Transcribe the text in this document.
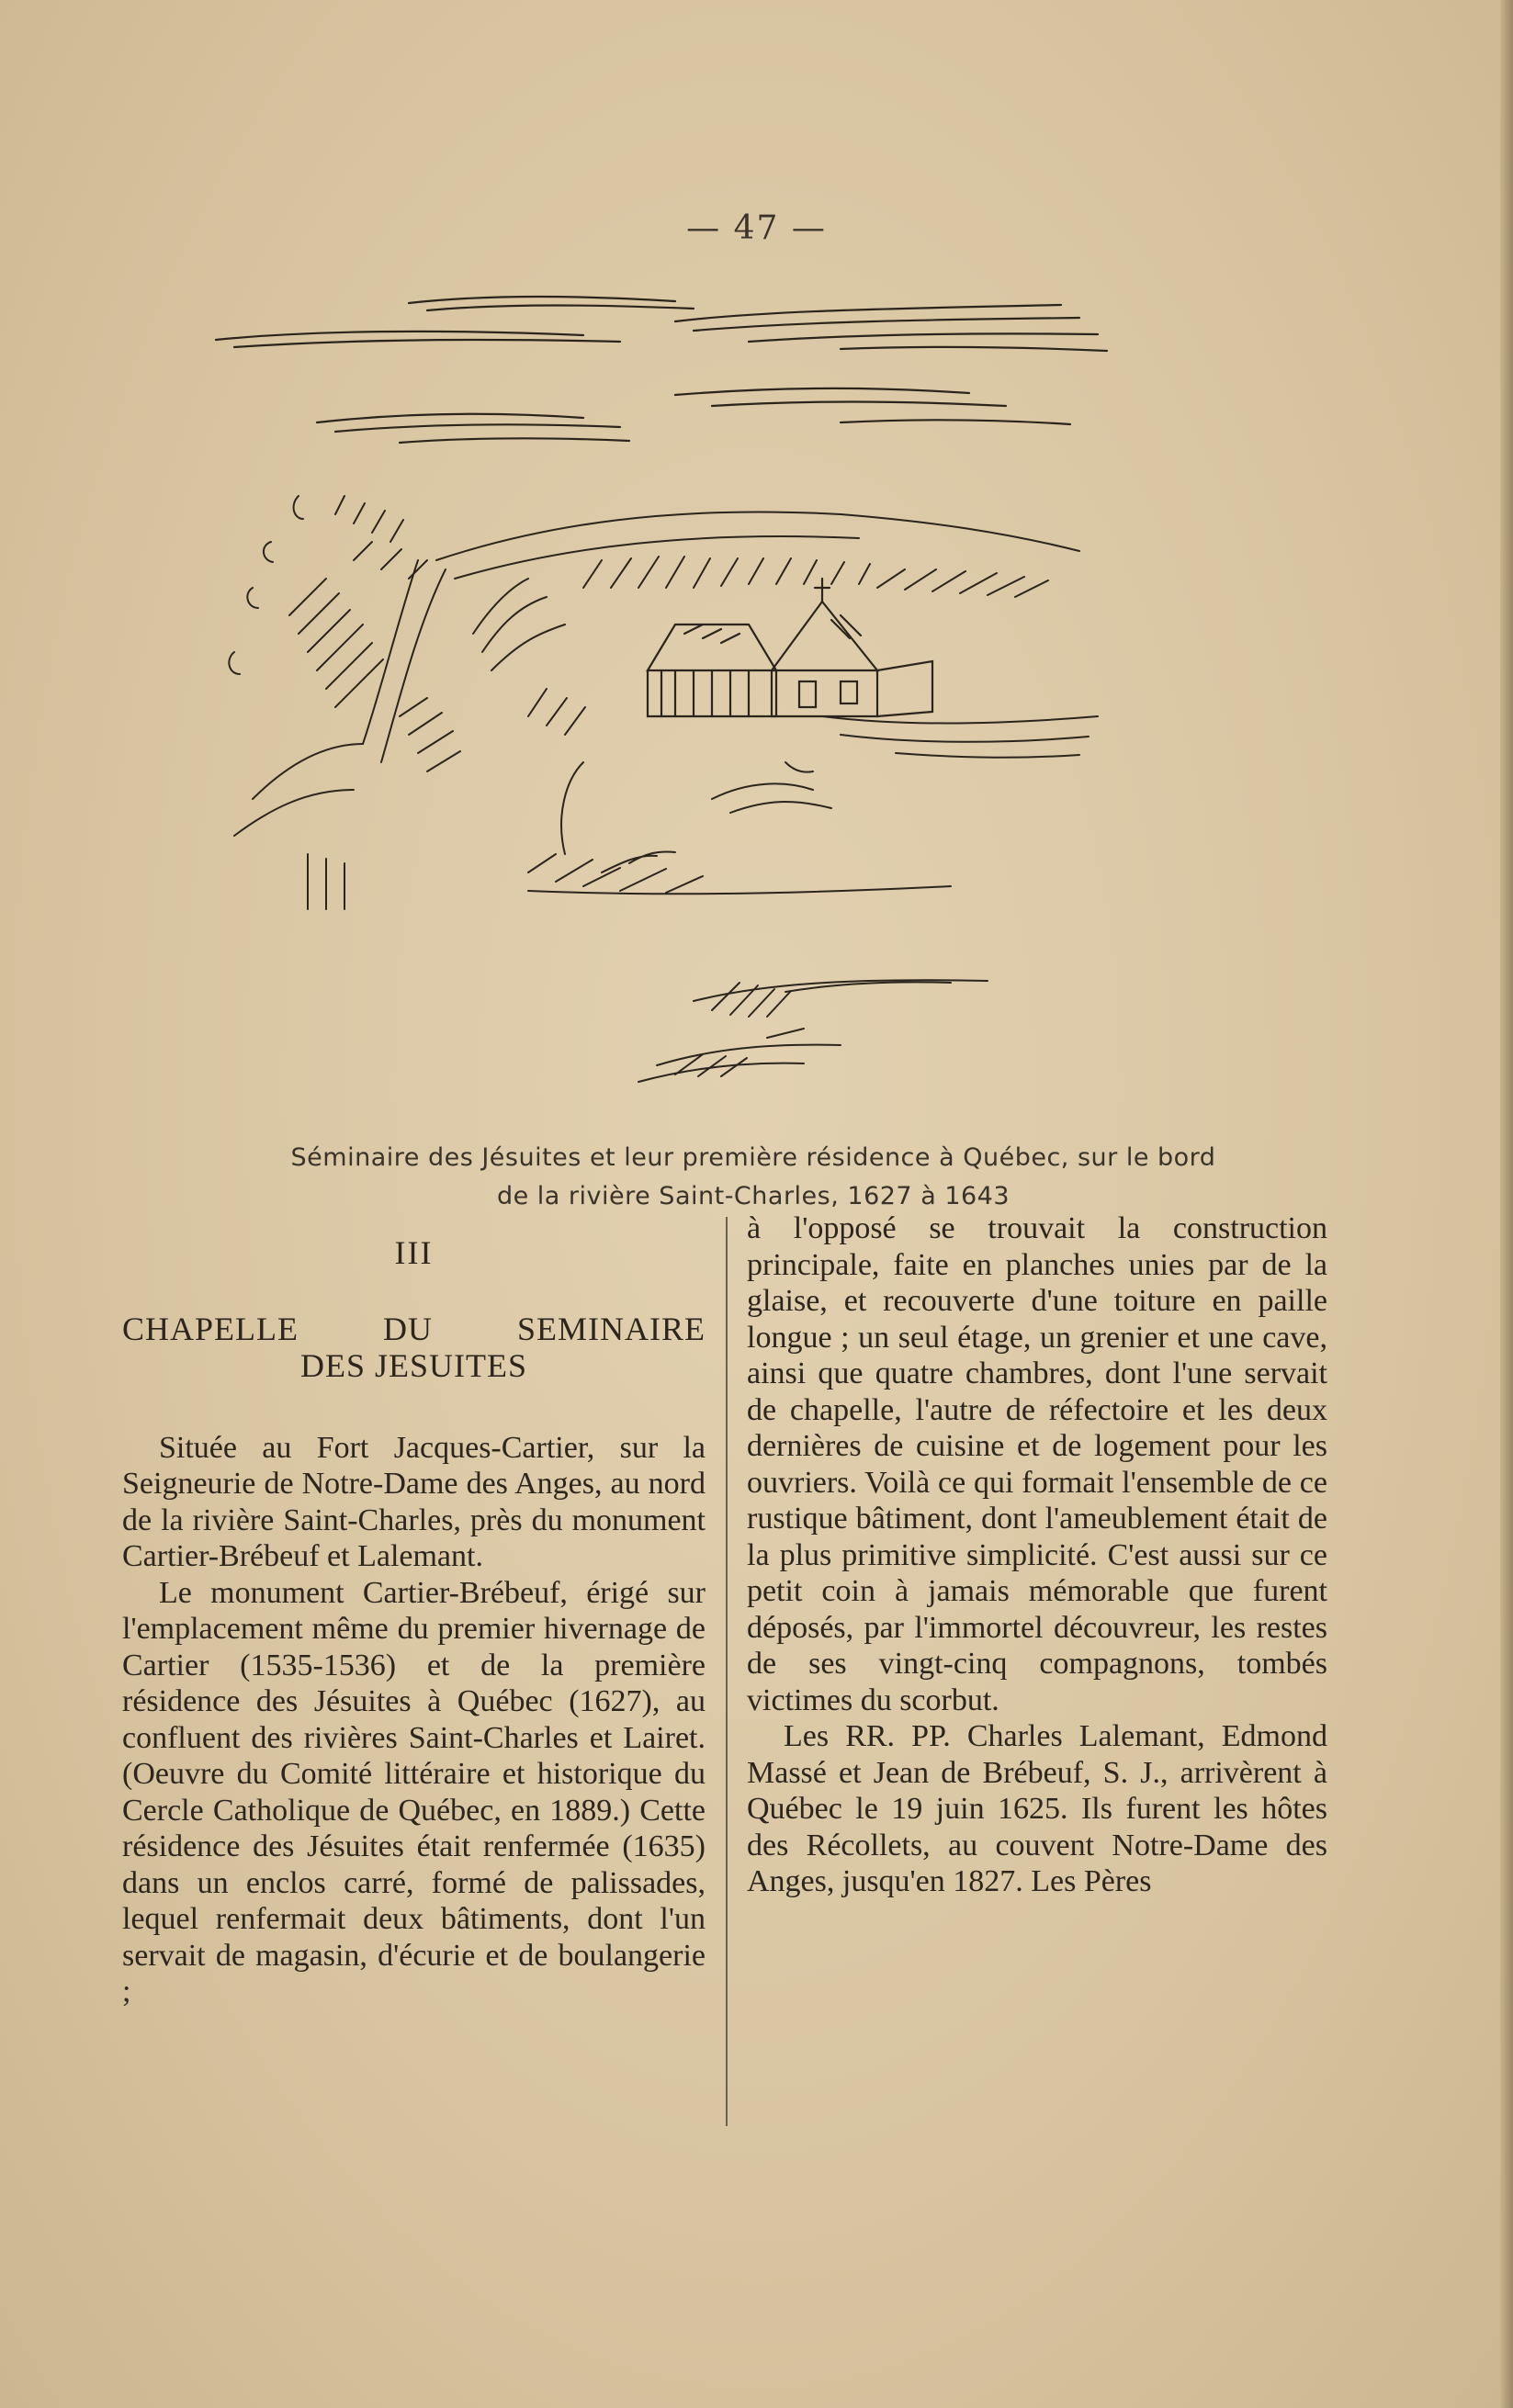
— 47 —
Séminaire des Jésuites et leur première résidence à Québec, sur le bord
de la rivière Saint-Charles, 1627 à 1643
III
CHAPELLE DU SEMINAIRE
DES JESUITES

Située au Fort Jacques-Cartier, sur la Seigneurie de Notre-Dame des Anges, au nord de la rivière Saint-Charles, près du monument Cartier-Brébeuf et Lalemant.

Le monument Cartier-Brébeuf, érigé sur l'emplacement même du premier hivernage de Cartier (1535-1536) et de la première résidence des Jésuites à Québec (1627), au confluent des rivières Saint-Charles et Lairet. (Oeuvre du Comité littéraire et historique du Cercle Catholique de Québec, en 1889.) Cette résidence des Jésuites était renfermée (1635) dans un enclos carré, formé de palissades, lequel renfermait deux bâtiments, dont l'un servait de magasin, d'écurie et de boulangerie ;

à l'opposé se trouvait la construction principale, faite en planches unies par de la glaise, et recouverte d'une toiture en paille longue ; un seul étage, un grenier et une cave, ainsi que quatre chambres, dont l'une servait de chapelle, l'autre de réfectoire et les deux dernières de cuisine et de logement pour les ouvriers. Voilà ce qui formait l'ensemble de ce rustique bâtiment, dont l'ameublement était de la plus primitive simplicité. C'est aussi sur ce petit coin à jamais mémorable que furent déposés, par l'immortel découvreur, les restes de ses vingt-cinq compagnons, tombés victimes du scorbut.

Les RR. PP. Charles Lalemant, Edmond Massé et Jean de Brébeuf, S. J., arrivèrent à Québec le 19 juin 1625. Ils furent les hôtes des Récollets, au couvent Notre-Dame des Anges, jusqu'en 1827. Les Pères
